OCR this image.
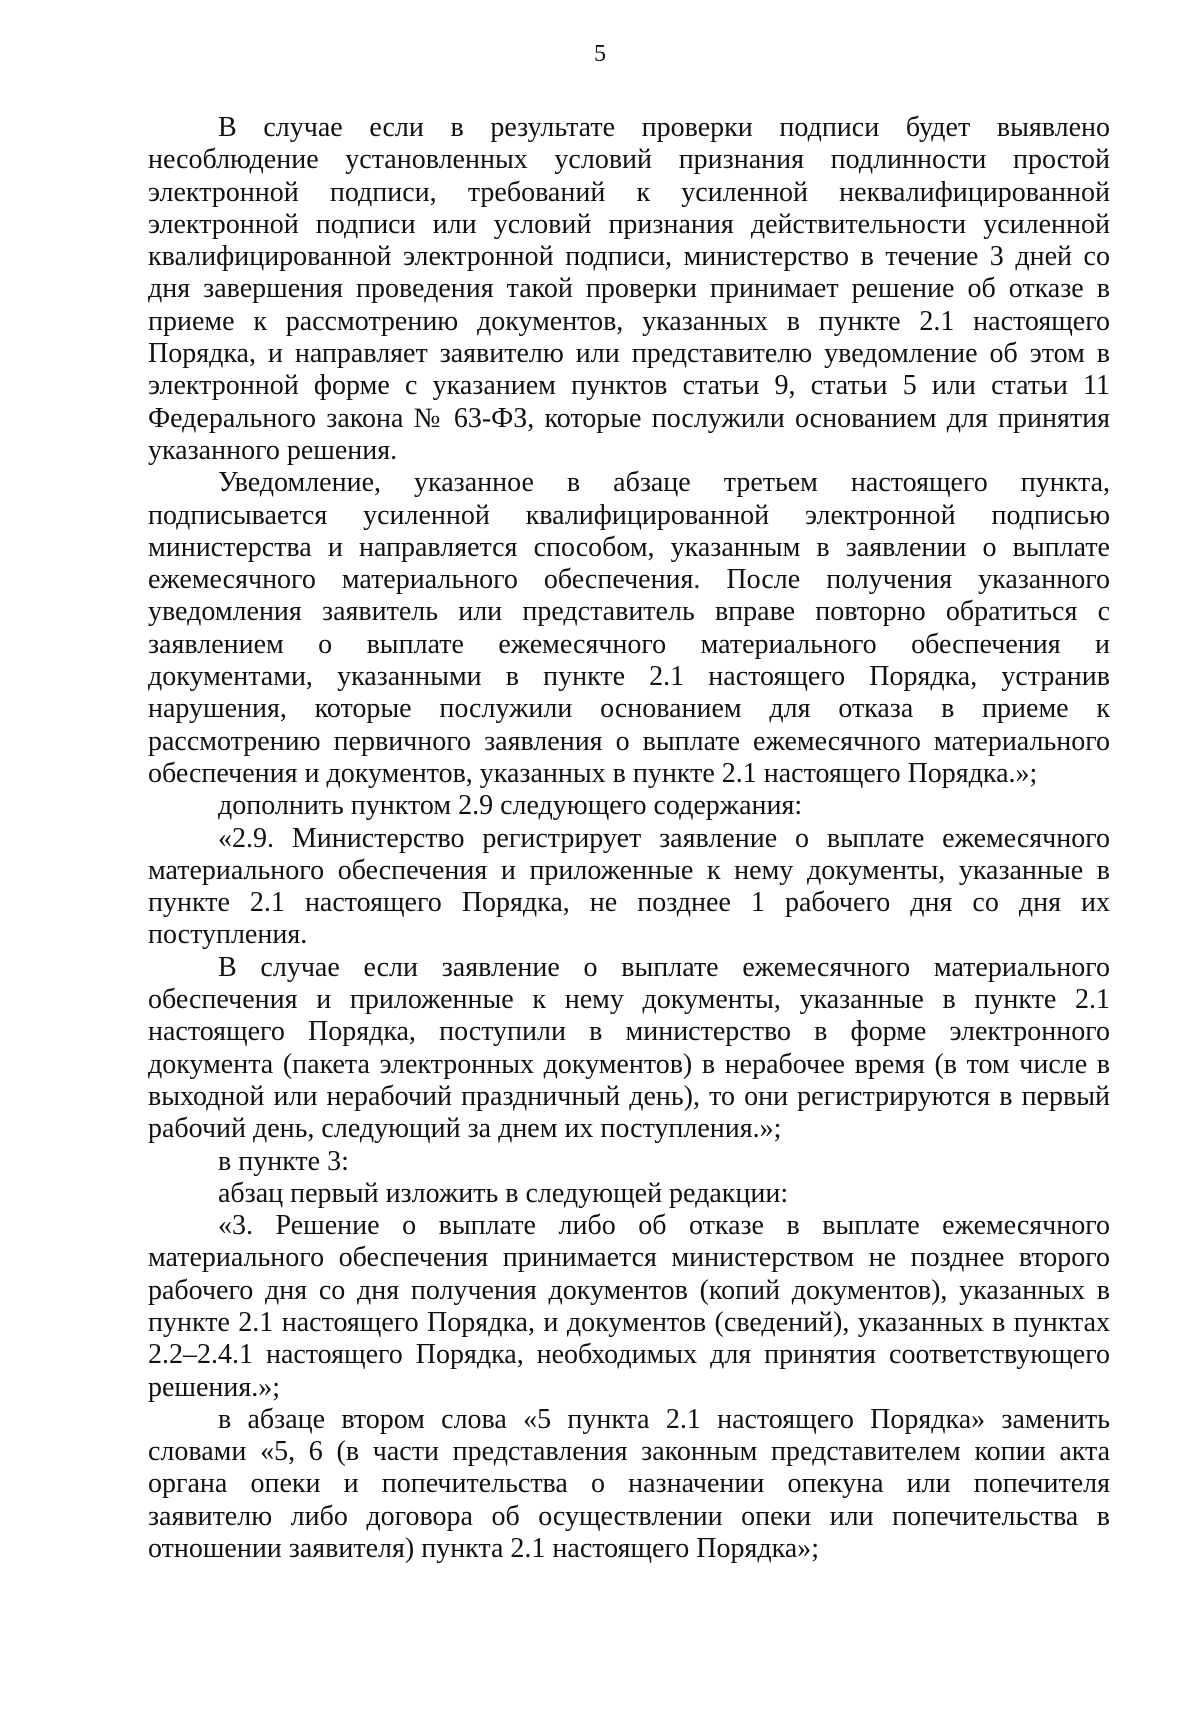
5

В случае если в результате проверки подписи будет выявлено несоблюдение установленных условий признания подлинности простой электронной подписи, требований к усиленной неквалифицированной электронной подписи или условий признания действительности усиленной квалифицированной электронной подписи, министерство в течение 3 дней со дня завершения проведения такой проверки принимает решение об отказе в приеме к рассмотрению документов, указанных в пункте 2.1 настоящего Порядка, и направляет заявителю или представителю уведомление об этом в электронной форме с указанием пунктов статьи 9, статьи 5 или статьи 11 Федерального закона № 63-ФЗ, которые послужили основанием для принятия указанного решения.

Уведомление, указанное в абзаце третьем настоящего пункта, подписывается усиленной квалифицированной электронной подписью министерства и направляется способом, указанным в заявлении о выплате ежемесячного материального обеспечения. После получения указанного уведомления заявитель или представитель вправе повторно обратиться с заявлением о выплате ежемесячного материального обеспечения и документами, указанными в пункте 2.1 настоящего Порядка, устранив нарушения, которые послужили основанием для отказа в приеме к рассмотрению первичного заявления о выплате ежемесячного материального обеспечения и документов, указанных в пункте 2.1 настоящего Порядка.»;

дополнить пунктом 2.9 следующего содержания:

«2.9. Министерство регистрирует заявление о выплате ежемесячного материального обеспечения и приложенные к нему документы, указанные в пункте 2.1 настоящего Порядка, не позднее 1 рабочего дня со дня их поступления.

В случае если заявление о выплате ежемесячного материального обеспечения и приложенные к нему документы, указанные в пункте 2.1 настоящего Порядка, поступили в министерство в форме электронного документа (пакета электронных документов) в нерабочее время (в том числе в выходной или нерабочий праздничный день), то они регистрируются в первый рабочий день, следующий за днем их поступления.»;

в пункте 3:

абзац первый изложить в следующей редакции:

«3. Решение о выплате либо об отказе в выплате ежемесячного материального обеспечения принимается министерством не позднее второго рабочего дня со дня получения документов (копий документов), указанных в пункте 2.1 настоящего Порядка, и документов (сведений), указанных в пунктах 2.2–2.4.1 настоящего Порядка, необходимых для принятия соответствующего решения.»;

в абзаце втором слова «5 пункта 2.1 настоящего Порядка» заменить словами «5, 6 (в части представления законным представителем копии акта органа опеки и попечительства о назначении опекуна или попечителя заявителю либо договора об осуществлении опеки или попечительства в отношении заявителя) пункта 2.1 настоящего Порядка»;
